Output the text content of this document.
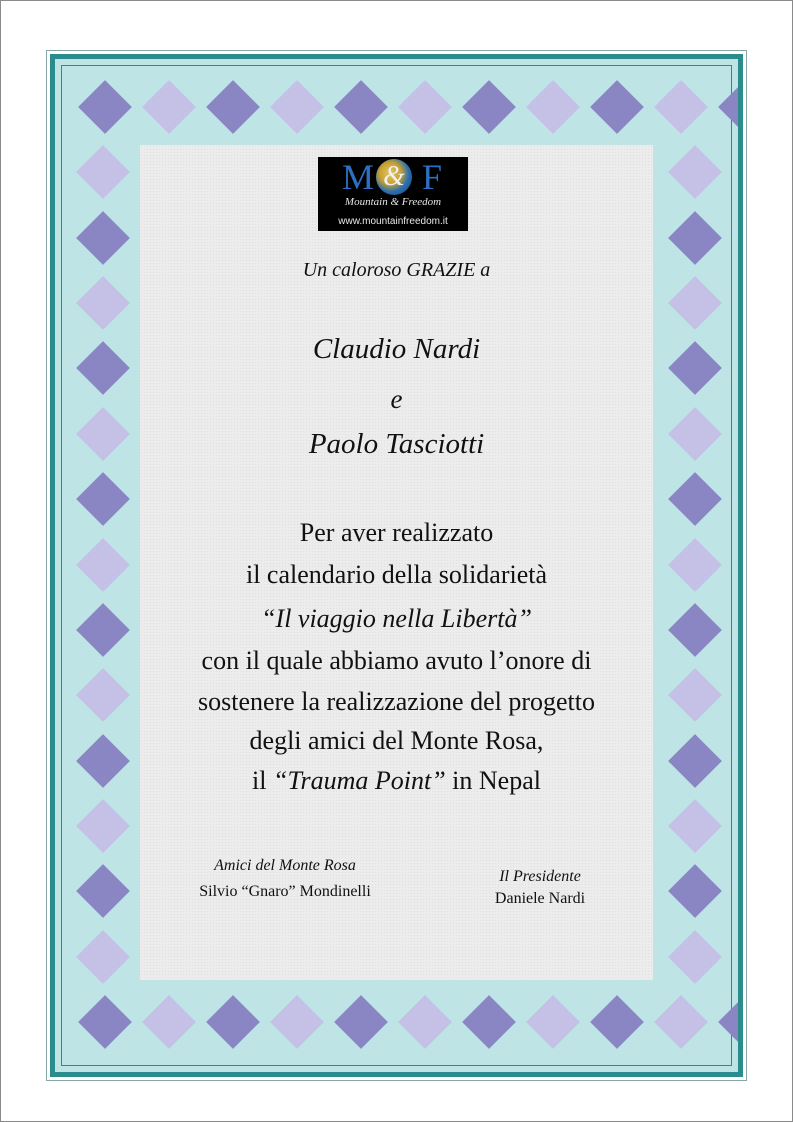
M F
&
Mountain & Freedom
www.mountainfreedom.it
Un caloroso GRAZIE a
Claudio Nardi
e
Paolo Tasciotti
Per aver realizzato
il calendario della solidarietà
“Il viaggio nella Libertà”
con il quale abbiamo avuto l’onore di
sostenere la realizzazione del progetto
degli amici del Monte Rosa,
il “Trauma Point” in Nepal
Amici del Monte Rosa
Silvio “Gnaro” Mondinelli
Il Presidente
Daniele Nardi
